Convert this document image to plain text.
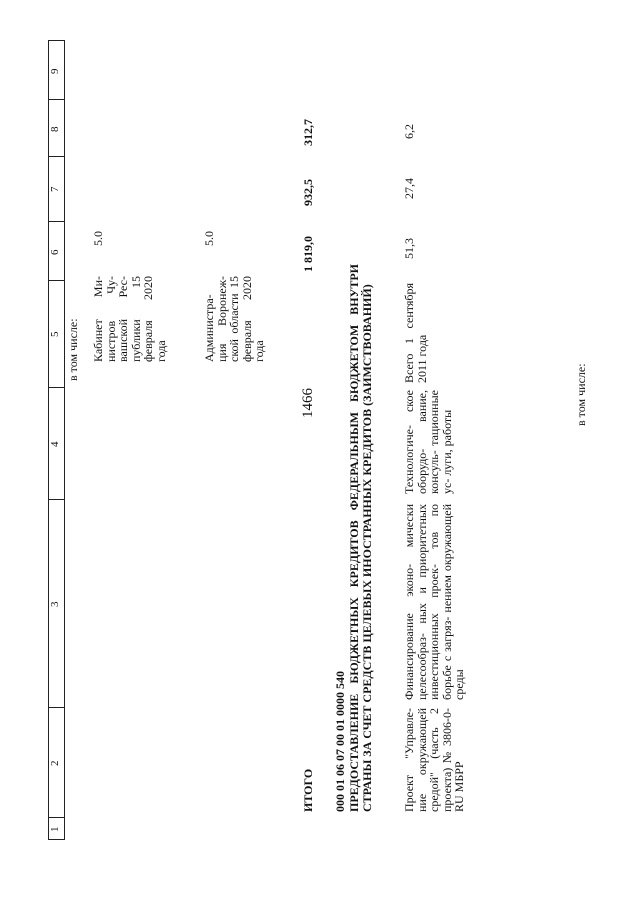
1466
1
2
3
4
5
6
7
8
9
в том числе: Кабинет Ми- нистров Чу- вашской Рес- публики 15 февраля 2020 года
5.0
Администра- ция Воронеж- ской области 15 февраля 2020 года
5.0
ИТОГО
1 819,0
932,5
312,7
000 01 06 07 00 01 0000 540 ПРЕДОСТАВЛЕНИЕ БЮДЖЕТНЫХ КРЕДИТОВ ФЕДЕРАЛЬНЫМ БЮДЖЕТОМ ВНУТРИ СТРАНЫ ЗА СЧЕТ СРЕДСТВ ЦЕЛЕВЫХ ИНОСТРАННЫХ КРЕДИТОВ (ЗАИМСТВОВАНИЙ) Проект "Управле- ние окружающей средой" (часть 2 проекта) № 3806-0-RU МБРР
Финансирование эконо- мически целесообраз- ных и приоритетных инвестиционных проек- тов по борьбе с загряз- нением окружающей среды
Технологиче- ское оборудо- вание, консуль- тационные ус- луги, работы
Всего 1 сентября 2011 года
51,3
27,4
6,2
в том числе:
